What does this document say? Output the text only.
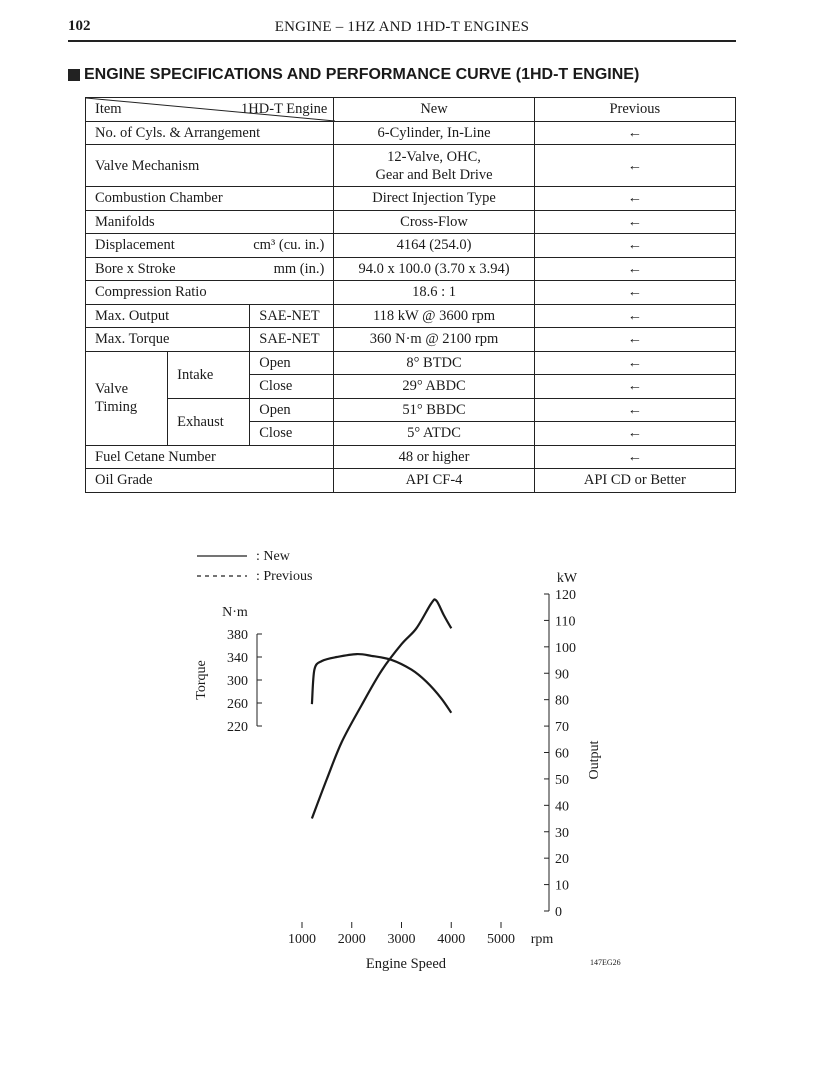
102	ENGINE – 1HZ AND 1HD-T ENGINES
ENGINE SPECIFICATIONS AND PERFORMANCE CURVE (1HD-T ENGINE)
1HD-T Engine
Item			New	Previous
No. of Cyls. & Arrangement			6-Cylinder, In-Line	←
Valve Mechanism			12-Valve, OHC,
Gear and Belt Drive	←
Combustion Chamber			Direct Injection Type	←
Manifolds			Cross-Flow	←

Displacement cm³ (cu. in.)			4164 (254.0)	←

Bore x Stroke mm (in.)			94.0 x 100.0 (3.70 x 3.94)	←
Compression Ratio			18.6 : 1	←
Max. Output		SAE-NET	118 kW @ 3600 rpm	←
Max. Torque		SAE-NET	360 N·m @ 2100 rpm	←

Valve
Timing	Intake	Open	8° BTDC	←
		Close	29° ABDC	←
	Exhaust	Open	51° BBDC	←
		Close	5° ATDC	←
Fuel Cetane Number			48 or higher	←
Oil Grade			API CF-4	API CD or Better
: New
: Previous
N·m
kW
Torque
Output
Engine Speed
rpm
147EG26
220
260
300
340
380
0
10
20
30
40
50
60
70
80
90
100
110
120
1000 2000 3000 4000 5000
